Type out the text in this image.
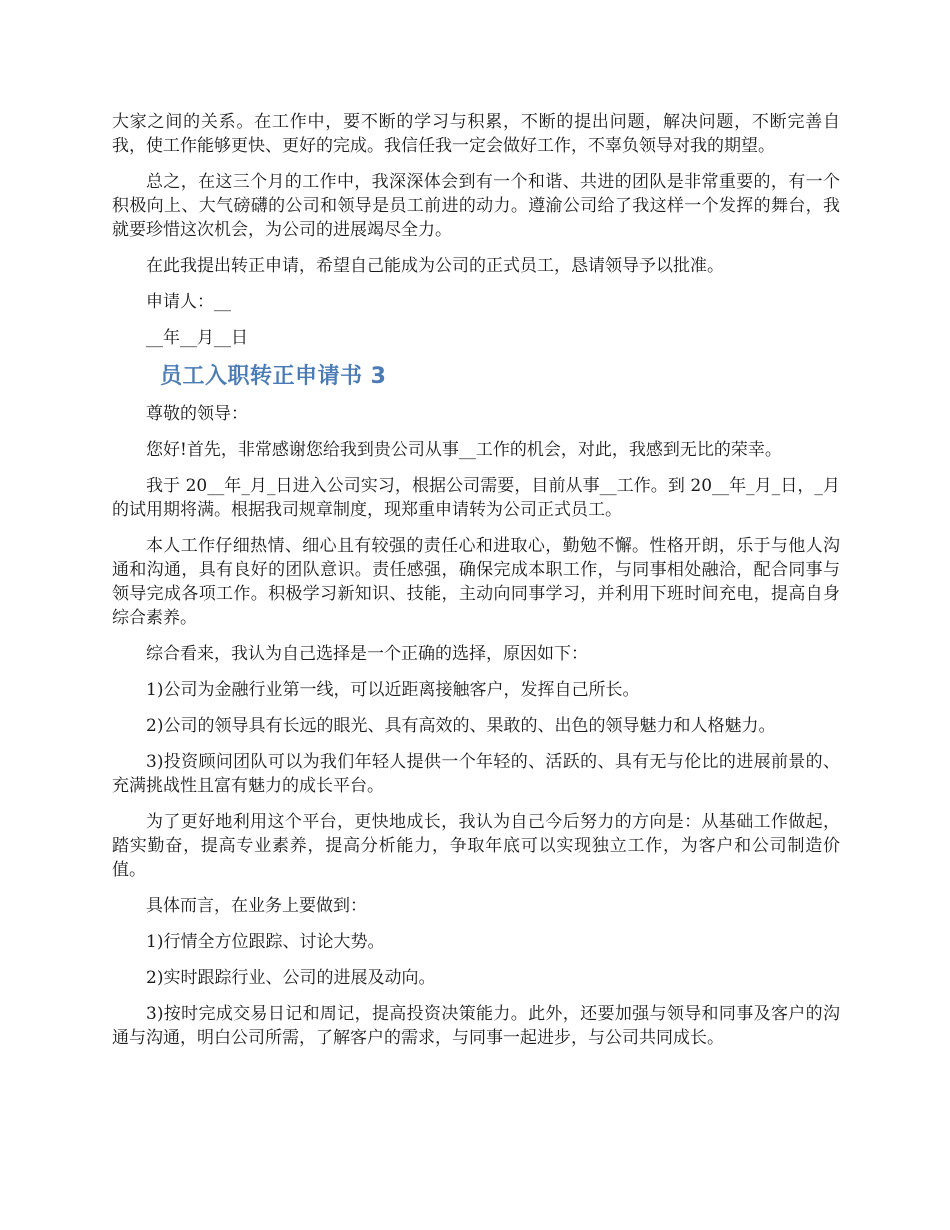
大家之间的关系。在工作中，要不断的学习与积累，不断的提出问题，解决问题，不断完善自我，使工作能够更快、更好的完成。我信任我一定会做好工作，不辜负领导对我的期望。

总之，在这三个月的工作中，我深深体会到有一个和谐、共进的团队是非常重要的，有一个积极向上、大气磅礴的公司和领导是员工前进的动力。遵渝公司给了我这样一个发挥的舞台，我就要珍惜这次机会，为公司的进展竭尽全力。

在此我提出转正申请，希望自己能成为公司的正式员工，恳请领导予以批准。

申请人：__

__年__月__日

员工入职转正申请书 3

尊敬的领导：

您好!首先，非常感谢您给我到贵公司从事__工作的机会，对此，我感到无比的荣幸。

我于 20__年_月_日进入公司实习，根据公司需要，目前从事__工作。到 20__年_月_日，_月的试用期将满。根据我司规章制度，现郑重申请转为公司正式员工。

本人工作仔细热情、细心且有较强的责任心和进取心，勤勉不懈。性格开朗，乐于与他人沟通和沟通，具有良好的团队意识。责任感强，确保完成本职工作，与同事相处融洽，配合同事与领导完成各项工作。积极学习新知识、技能，主动向同事学习，并利用下班时间充电，提高自身综合素养。

综合看来，我认为自己选择是一个正确的选择，原因如下：

1)公司为金融行业第一线，可以近距离接触客户，发挥自己所长。

2)公司的领导具有长远的眼光、具有高效的、果敢的、出色的领导魅力和人格魅力。

3)投资顾问团队可以为我们年轻人提供一个年轻的、活跃的、具有无与伦比的进展前景的、充满挑战性且富有魅力的成长平台。

为了更好地利用这个平台，更快地成长，我认为自己今后努力的方向是：从基础工作做起，踏实勤奋，提高专业素养，提高分析能力，争取年底可以实现独立工作，为客户和公司制造价值。

具体而言，在业务上要做到：

1)行情全方位跟踪、讨论大势。

2)实时跟踪行业、公司的进展及动向。

3)按时完成交易日记和周记，提高投资决策能力。此外，还要加强与领导和同事及客户的沟通与沟通，明白公司所需，了解客户的需求，与同事一起进步，与公司共同成长。
